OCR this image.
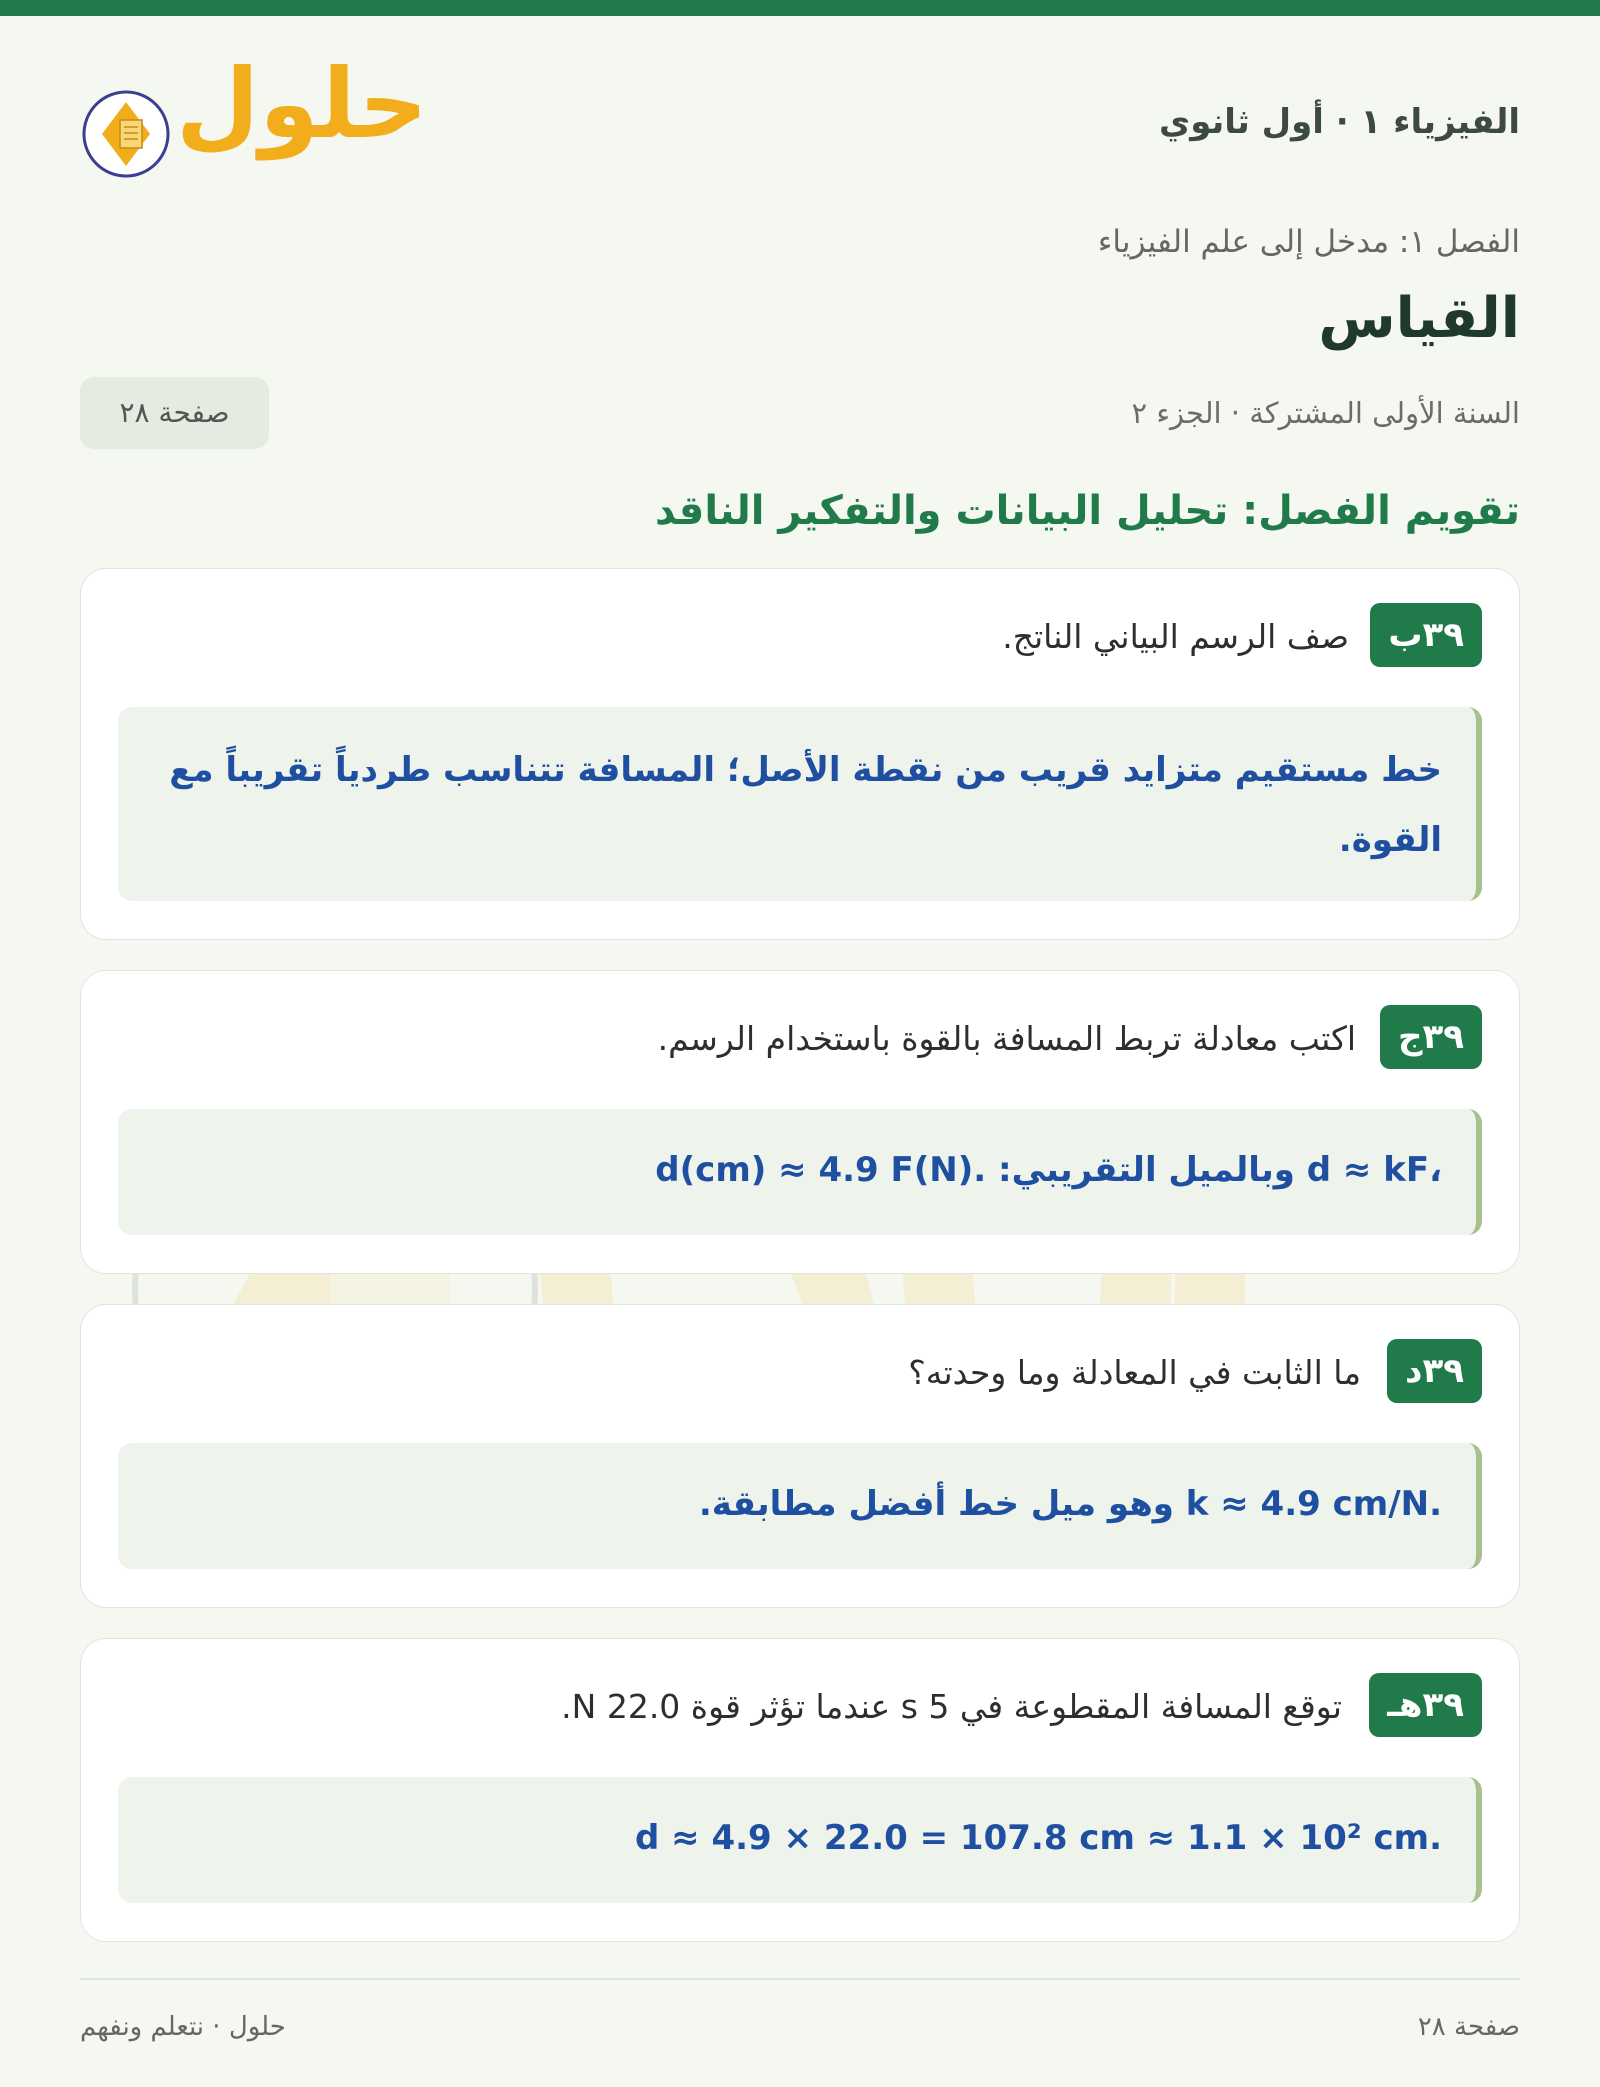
الفيزياء ١ · أول ثانوي
حلول
الفصل ١: مدخل إلى علم الفيزياء
القياس
السنة الأولى المشتركة · الجزء ٢
صفحة ٢٨
تقويم الفصل: تحليل البيانات والتفكير الناقد
٣٩ب
صف الرسم البياني الناتج.
خط مستقيم متزايد قريب من نقطة الأصل؛ المسافة تتناسب طردياً تقريباً مع القوة.
٣٩ج
اكتب معادلة تربط المسافة بالقوة باستخدام الرسم.
d ≈ kF، وبالميل التقريبي: d(cm) ≈ 4.9 F(N).
٣٩د
ما الثابت في المعادلة وما وحدته؟
k ≈ 4.9 cm/N. وهو ميل خط أفضل مطابقة.
٣٩هـ
توقع المسافة المقطوعة في 5 s عندما تؤثر قوة 22.0 N.
d ≈ 4.9 × 22.0 = 107.8 cm ≈ 1.1 × 10² cm.
صفحة ٢٨
حلول · نتعلم ونفهم
